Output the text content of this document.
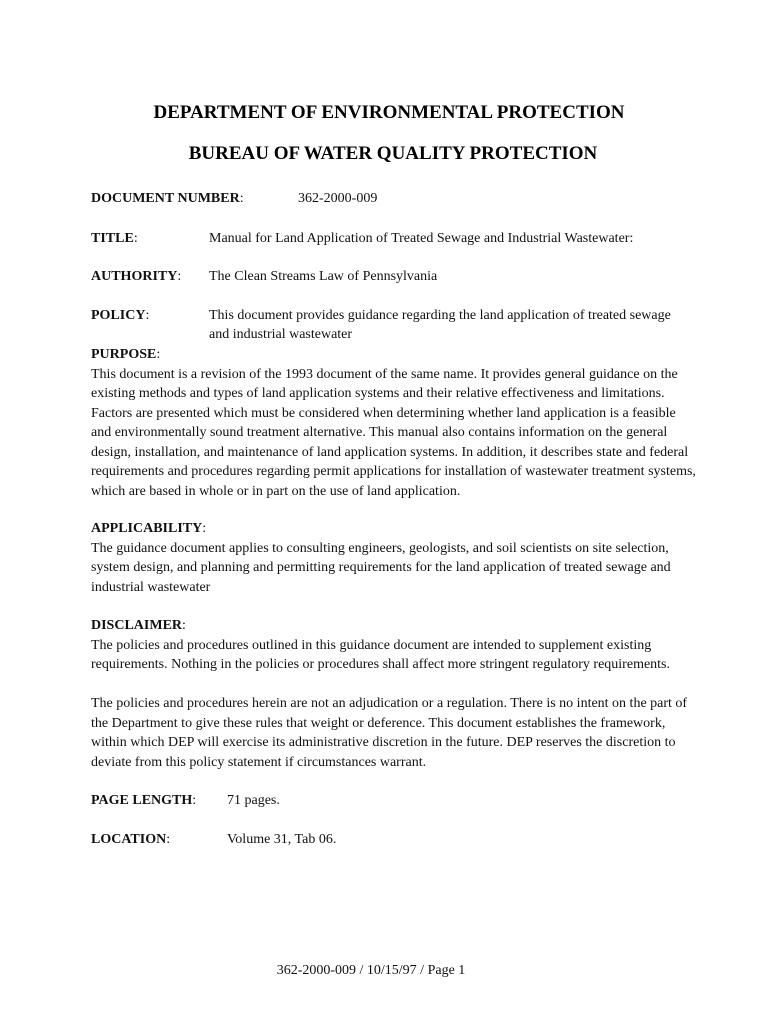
DEPARTMENT OF ENVIRONMENTAL PROTECTION
BUREAU OF WATER QUALITY PROTECTION
DOCUMENT NUMBER:	362-2000-009
TITLE:	Manual for Land Application of Treated Sewage and Industrial Wastewater:
AUTHORITY: The Clean Streams Law of Pennsylvania
POLICY:	This document provides guidance regarding the land application of treated sewage
and industrial wastewater
PURPOSE:
This document is a revision of the 1993 document of the same name. It provides general guidance on the
existing methods and types of land application systems and their relative effectiveness and limitations.
Factors are presented which must be considered when determining whether land application is a feasible
and environmentally sound treatment alternative. This manual also contains information on the general
design, installation, and maintenance of land application systems. In addition, it describes state and federal
requirements and procedures regarding permit applications for installation of wastewater treatment systems,
which are based in whole or in part on the use of land application.
APPLICABILITY:
The guidance document applies to consulting engineers, geologists, and soil scientists on site selection,
system design, and planning and permitting requirements for the land application of treated sewage and
industrial wastewater
DISCLAIMER:
The policies and procedures outlined in this guidance document are intended to supplement existing
requirements. Nothing in the policies or procedures shall affect more stringent regulatory requirements.
The policies and procedures herein are not an adjudication or a regulation. There is no intent on the part of
the Department to give these rules that weight or deference. This document establishes the framework,
within which DEP will exercise its administrative discretion in the future. DEP reserves the discretion to
deviate from this policy statement if circumstances warrant.
PAGE LENGTH: 71 pages.
LOCATION:	Volume 31, Tab 06.
362-2000-009 / 10/15/97 / Page 1
